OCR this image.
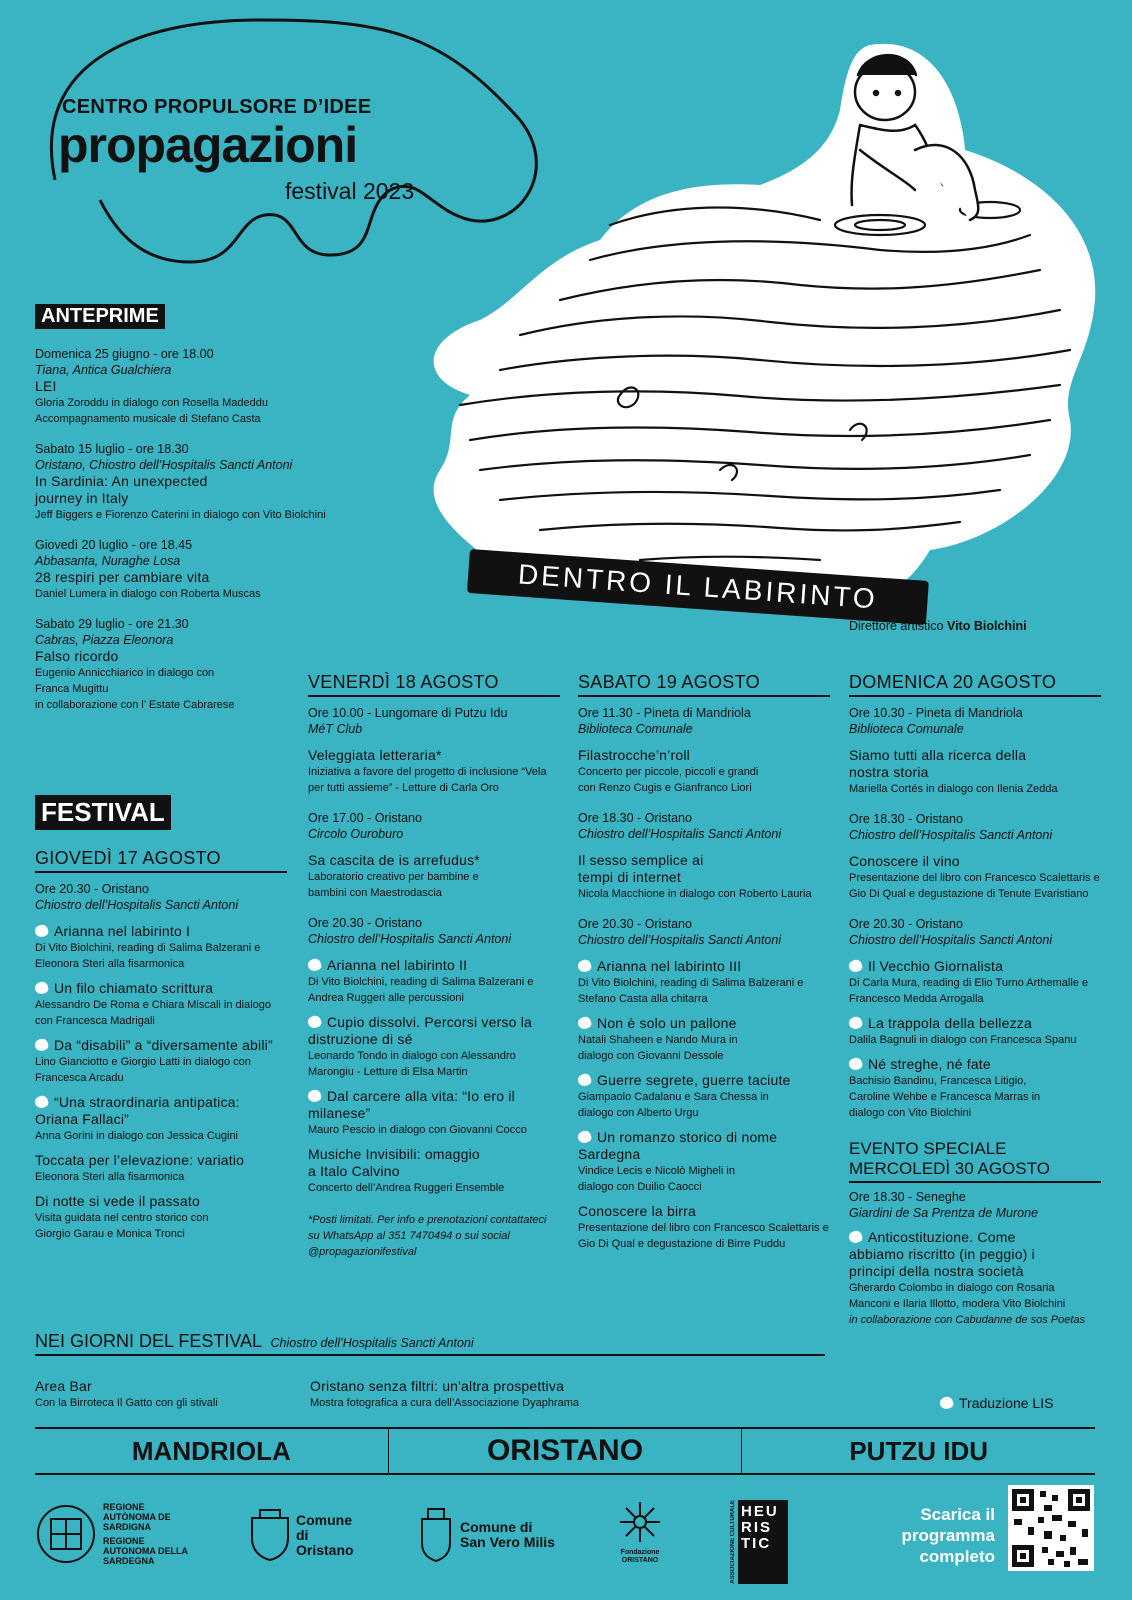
CENTRO PROPULSORE D’IDEE
propagazioni
festival 2023
DENTRO IL LABIRINTO
Direttore artistico Vito Biolchini
ANTEPRIME
Domenica 25 giugno - ore 18.00
Tiana, Antica Gualchiera
LEI
Gloria Zoroddu in dialogo con Rosella Madeddu
Accompagnamento musicale di Stefano Casta
Sabato 15 luglio - ore 18.30
Oristano, Chiostro dell’Hospitalis Sancti Antoni
In Sardinia: An unexpected journey in Italy
Jeff Biggers e Fiorenzo Caterini in dialogo con Vito Biolchini
Giovedì 20 luglio - ore 18.45
Abbasanta, Nuraghe Losa
28 respiri per cambiare vita
Daniel Lumera in dialogo con Roberta Muscas
Sabato 29 luglio - ore 21.30
Cabras, Piazza Eleonora
Falso ricordo
Eugenio Annicchiarico in dialogo con Franca Mugittu
in collaborazione con l’ Estate Cabrarese
FESTIVAL
GIOVEDÌ 17 AGOSTO
Ore 20.30 - Oristano
Chiostro dell’Hospitalis Sancti Antoni
Arianna nel labirinto I
Di Vito Biolchini, reading di Salima Balzerani e Eleonora Steri alla fisarmonica
Un filo chiamato scrittura
Alessandro De Roma e Chiara Miscali in dialogo con Francesca Madrigali
Da “disabili” a “diversamente abili”
Lino Gianciotto e Giorgio Latti in dialogo con Francesca Arcadu
“Una straordinaria antipatica: Oriana Fallaci”
Anna Gorini in dialogo con Jessica Cugini
Toccata per l’elevazione: variatio
Eleonora Steri alla fisarmonica
Di notte si vede il passato
Visita guidata nel centro storico con Giorgio Garau e Monica Tronci
VENERDÌ 18 AGOSTO
Ore 10.00 - Lungomare di Putzu Idu
MéT Club
Veleggiata letteraria*
Iniziativa a favore del progetto di inclusione “Vela per tutti assieme” - Letture di Carla Oro
Ore 17.00 - Oristano
Circolo Ouroburo
Sa cascita de is arrefudus*
Laboratorio creativo per bambine e bambini con Maestrodascia
Ore 20.30 - Oristano
Chiostro dell’Hospitalis Sancti Antoni
Arianna nel labirinto II
Di Vito Biolchini, reading di Salima Balzerani e Andrea Ruggeri alle percussioni
Cupio dissolvi. Percorsi verso la distruzione di sé
Leonardo Tondo in dialogo con Alessandro Marongiu - Letture di Elsa Martin
Dal carcere alla vita: “Io ero il milanese”
Mauro Pescio in dialogo con Giovanni Cocco
Musiche Invisibili: omaggio a Italo Calvino
Concerto dell’Andrea Ruggeri Ensemble
*Posti limitati. Per info e prenotazioni contattateci su WhatsApp al 351 7470494 o sui social @propagazionifestival
SABATO 19 AGOSTO
Ore 11.30 - Pineta di Mandriola
Biblioteca Comunale
Filastrocche’n’roll
Concerto per piccole, piccoli e grandi con Renzo Cugis e Gianfranco Liori
Ore 18.30 - Oristano
Chiostro dell’Hospitalis Sancti Antoni
Il sesso semplice ai tempi di internet
Nicola Macchione in dialogo con Roberto Lauria
Ore 20.30 - Oristano
Chiostro dell’Hospitalis Sancti Antoni
Arianna nel labirinto III
Di Vito Biolchini, reading di Salima Balzerani e Stefano Casta alla chitarra
Non è solo un pallone
Natali Shaheen e Nando Mura in dialogo con Giovanni Dessole
Guerre segrete, guerre taciute
Giampaolo Cadalanu e Sara Chessa in dialogo con Alberto Urgu
Un romanzo storico di nome Sardegna
Vindice Lecis e Nicolò Migheli in dialogo con Duilio Caocci
Conoscere la birra
Presentazione del libro con Francesco Scalettaris e Gio Di Qual e degustazione di Birre Puddu
DOMENICA 20 AGOSTO
Ore 10.30 - Pineta di Mandriola
Biblioteca Comunale
Siamo tutti alla ricerca della nostra storia
Mariella Cortés in dialogo con Ilenia Zedda
Ore 18.30 - Oristano
Chiostro dell’Hospitalis Sancti Antoni
Conoscere il vino
Presentazione del libro con Francesco Scalettaris e Gio Di Qual e degustazione di Tenute Evaristiano
Ore 20.30 - Oristano
Chiostro dell’Hospitalis Sancti Antoni
Il Vecchio Giornalista
Di Carla Mura, reading di Elio Turno Arthemalle e Francesco Medda Arrogalla
La trappola della bellezza
Dalila Bagnuli in dialogo con Francesca Spanu
Né streghe, né fate
Bachisio Bandinu, Francesca Litigio, Caroline Wehbe e Francesca Marras in dialogo con Vito Biolchini
EVENTO SPECIALE
MERCOLEDÌ 30 AGOSTO
Ore 18.30 - Seneghe
Giardini de Sa Prentza de Murone
Anticostituzione. Come abbiamo riscritto (in peggio) i principi della nostra società
Gherardo Colombo in dialogo con Rosaria Manconi e Ilaria Illotto, modera Vito Biolchini
in collaborazione con Cabudanne de sos Poetas
NEI GIORNI DEL FESTIVAL Chiostro dell’Hospitalis Sancti Antoni
Area Bar
Con la Birroteca Il Gatto con gli stivali
Oristano senza filtri: un'altra prospettiva
Mostra fotografica a cura dell’Associazione Dyaphrama	Traduzione LIS
MANDRIOLA	ORISTANO	PUTZU IDU
REGIONE AUTÒNOMA DE SARDIGNA
REGIONE AUTONOMA DELLA SARDEGNA
Comune di Oristano
Comune di San Vero Milis
Fondazione ORISTANO	ASSOCIAZIONE CULTURALE HEU RIS TIC
Scarica il programma completo
